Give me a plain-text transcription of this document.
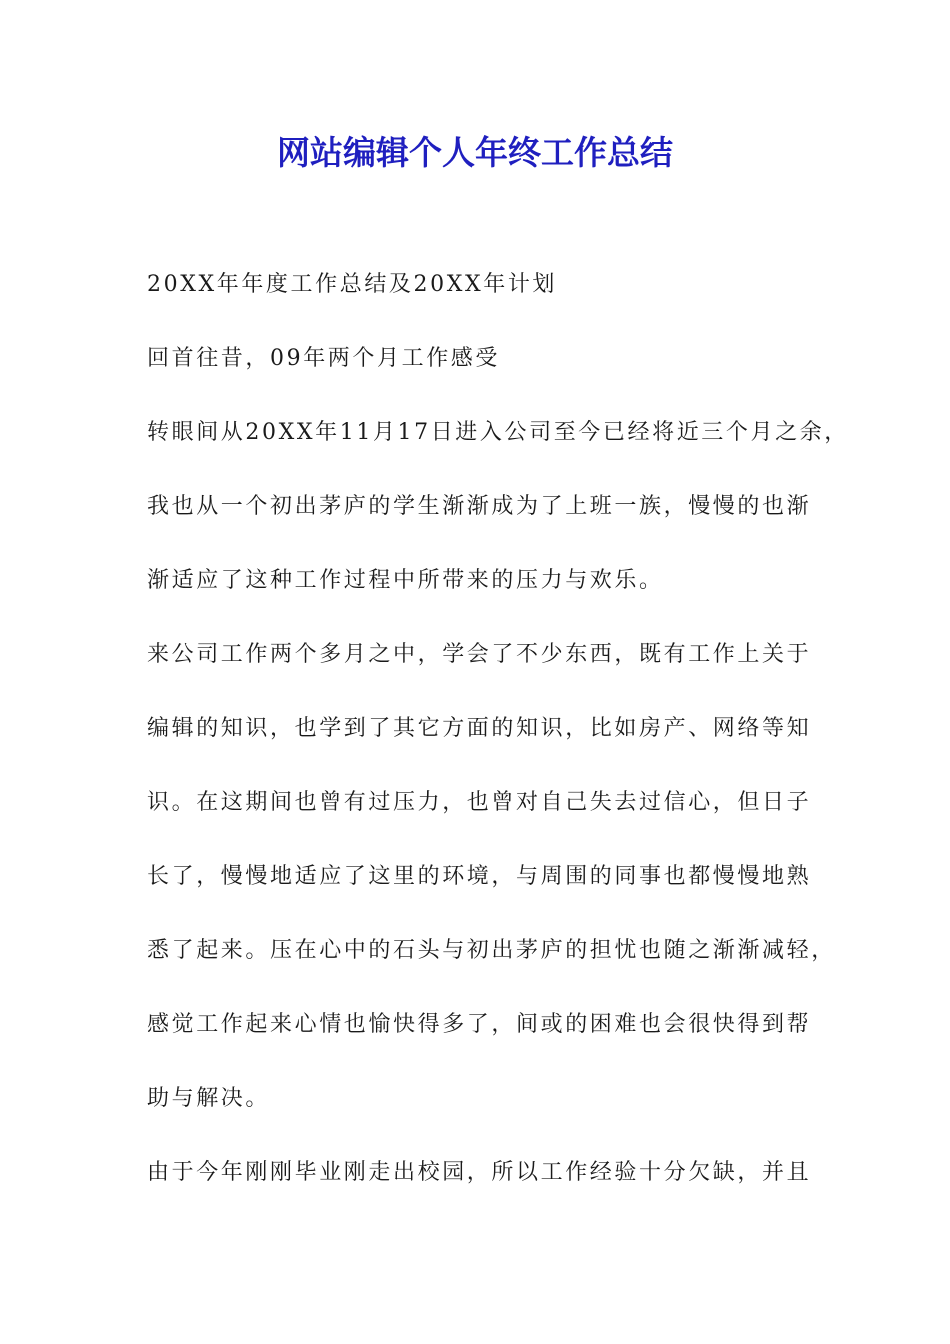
网站编辑个人年终工作总结

20XX年年度工作总结及20XX年计划

回首往昔，09年两个月工作感受

转眼间从20XX年11月17日进入公司至今已经将近三个月之余，

我也从一个初出茅庐的学生渐渐成为了上班一族，慢慢的也渐

渐适应了这种工作过程中所带来的压力与欢乐。

来公司工作两个多月之中，学会了不少东西，既有工作上关于

编辑的知识，也学到了其它方面的知识，比如房产、网络等知

识。在这期间也曾有过压力，也曾对自己失去过信心，但日子

长了，慢慢地适应了这里的环境，与周围的同事也都慢慢地熟

悉了起来。压在心中的石头与初出茅庐的担忧也随之渐渐减轻，

感觉工作起来心情也愉快得多了，间或的困难也会很快得到帮

助与解决。

由于今年刚刚毕业刚走出校园，所以工作经验十分欠缺，并且
